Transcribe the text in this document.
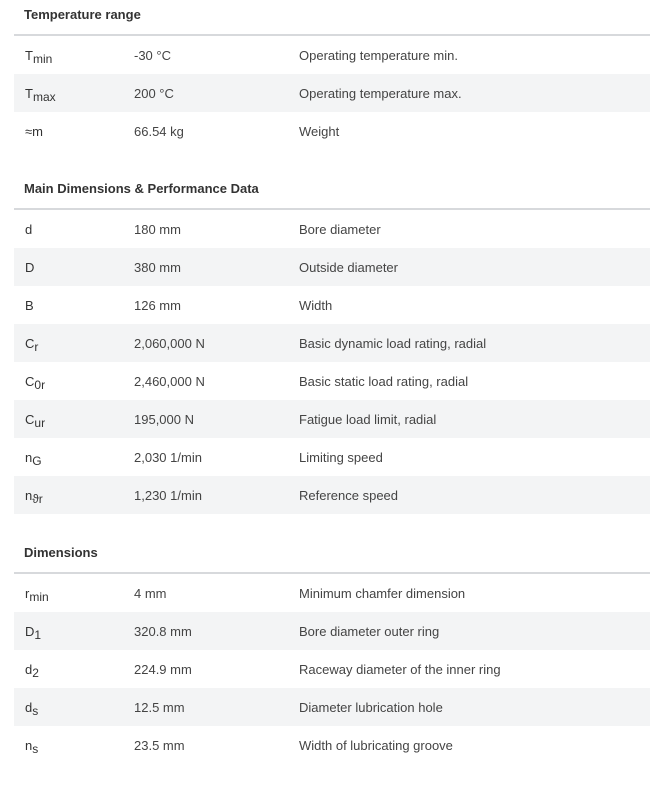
Temperature range
Tmin	-30 °C	Operating temperature min.
Tmax	200 °C	Operating temperature max.
≈m	66.54 kg	Weight
Main Dimensions & Performance Data
d	180 mm	Bore diameter
D	380 mm	Outside diameter
B	126 mm	Width
Cr	2,060,000 N	Basic dynamic load rating, radial
C0r	2,460,000 N	Basic static load rating, radial
Cur	195,000 N	Fatigue load limit, radial
nG	2,030 1/min	Limiting speed
nϑr	1,230 1/min	Reference speed
Dimensions
rmin	4 mm	Minimum chamfer dimension
D1	320.8 mm	Bore diameter outer ring
d2	224.9 mm	Raceway diameter of the inner ring
ds	12.5 mm	Diameter lubrication hole
ns	23.5 mm	Width of lubricating groove
